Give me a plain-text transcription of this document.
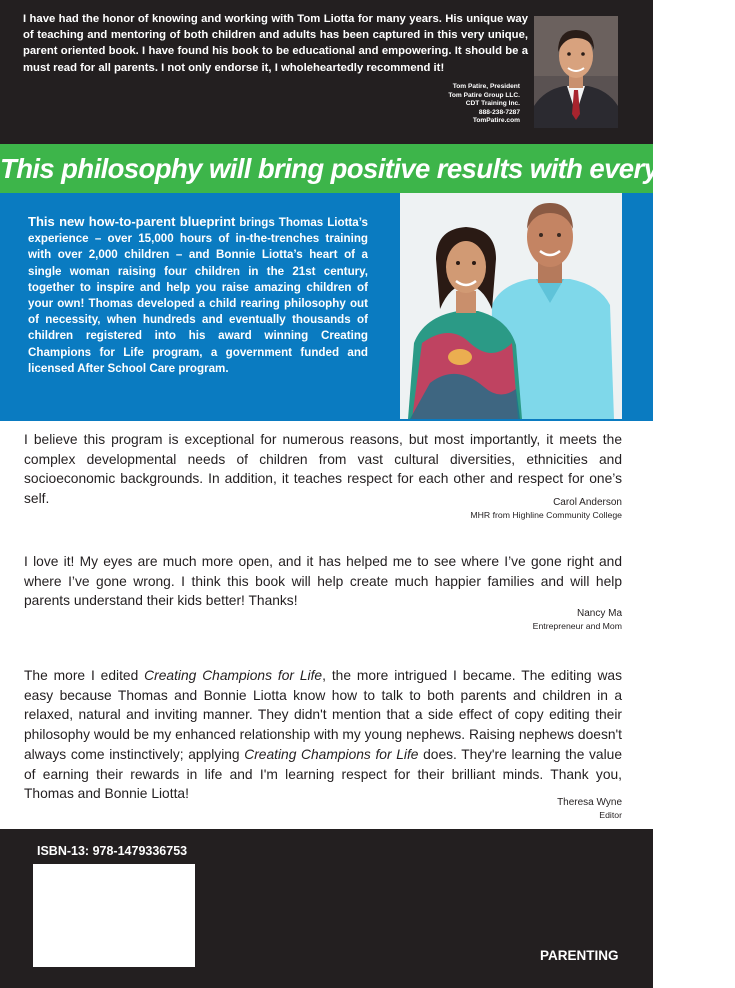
I have had the honor of knowing and working with Tom Liotta for many years. His unique way of teaching and mentoring of both children and adults has been captured in this very unique, parent oriented book. I have found his book to be educational and empowering. It should be a must read for all parents. I not only endorse it, I wholeheartedly recommend it!

Tom Patire, President
Tom Patire Group LLC.
CDT Training Inc.
888-238-7287
TomPatire.com
This philosophy will bring positive results with every child!

This new how-to-parent blueprint brings Thomas Liotta’s experience – over 15,000 hours of in-the-trenches training with over 2,000 children – and Bonnie Liotta’s heart of a single woman raising four children in the 21st century, together to inspire and help you raise amazing children of your own! Thomas developed a child rearing philosophy out of necessity, when hundreds and eventually thousands of children registered into his award winning Creating Champions for Life program, a government funded and licensed After School Care program.

I believe this program is exceptional for numerous reasons, but most importantly, it meets the complex developmental needs of children from vast cultural diversities, ethnicities and socioeconomic backgrounds. In addition, it teaches respect for each other and respect for one’s self.	Carol Anderson
MHR from Highline Community College

I love it! My eyes are much more open, and it has helped me to see where I’ve gone right and where I’ve gone wrong. I think this book will help create much happier families and will help parents understand their kids better! Thanks!

Nancy Ma
Entrepreneur and Mom

The more I edited Creating Champions for Life, the more intrigued I became. The editing was easy because Thomas and Bonnie Liotta know how to talk to both parents and children in a relaxed, natural and inviting manner. They didn't mention that a side effect of copy editing their philosophy would be my enhanced relationship with my young nephews. Raising nephews doesn't always come instinctively; applying Creating Champions for Life does. They're learning the value of earning their rewards in life and I'm learning respect for their brilliant minds. Thank you, Thomas and Bonnie Liotta!

Theresa Wyne
Editor

ISBN-13: 978-1479336753

PARENTING
